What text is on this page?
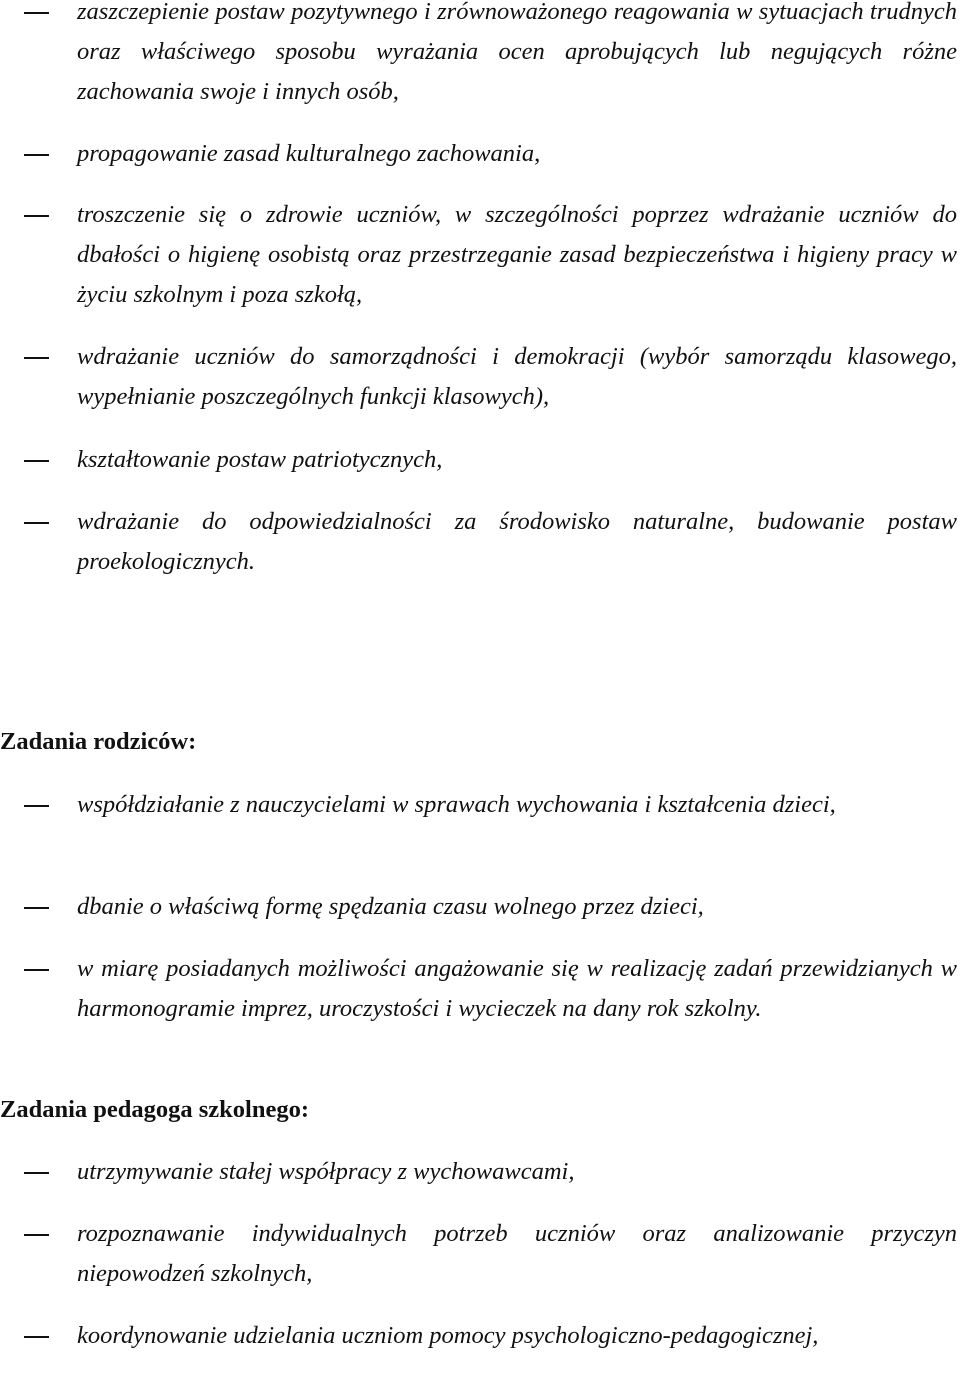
zaszczepienie postaw pozytywnego i zrównoważonego reagowania w sytuacjach trudnych oraz właściwego sposobu wyrażania ocen aprobujących lub negujących różne zachowania swoje i innych osób,

propagowanie zasad kulturalnego zachowania,

troszczenie się o zdrowie uczniów, w szczególności poprzez wdrażanie uczniów do dbałości o higienę osobistą oraz przestrzeganie zasad bezpieczeństwa i higieny pracy w życiu szkolnym i poza szkołą,

wdrażanie uczniów do samorządności i demokracji (wybór samorządu klasowego, wypełnianie poszczególnych funkcji klasowych),

kształtowanie postaw patriotycznych,

wdrażanie do odpowiedzialności za środowisko naturalne, budowanie postaw proekologicznych.

Zadania rodziców:

współdziałanie z nauczycielami w sprawach wychowania i kształcenia dzieci,

dbanie o właściwą formę spędzania czasu wolnego przez dzieci,

w miarę posiadanych możliwości angażowanie się w realizację zadań przewidzianych w harmonogramie imprez, uroczystości i wycieczek na dany rok szkolny.

Zadania pedagoga szkolnego:

utrzymywanie stałej współpracy z wychowawcami,

rozpoznawanie indywidualnych potrzeb uczniów oraz analizowanie przyczyn niepowodzeń szkolnych,

koordynowanie udzielania uczniom pomocy psychologiczno-pedagogicznej,
